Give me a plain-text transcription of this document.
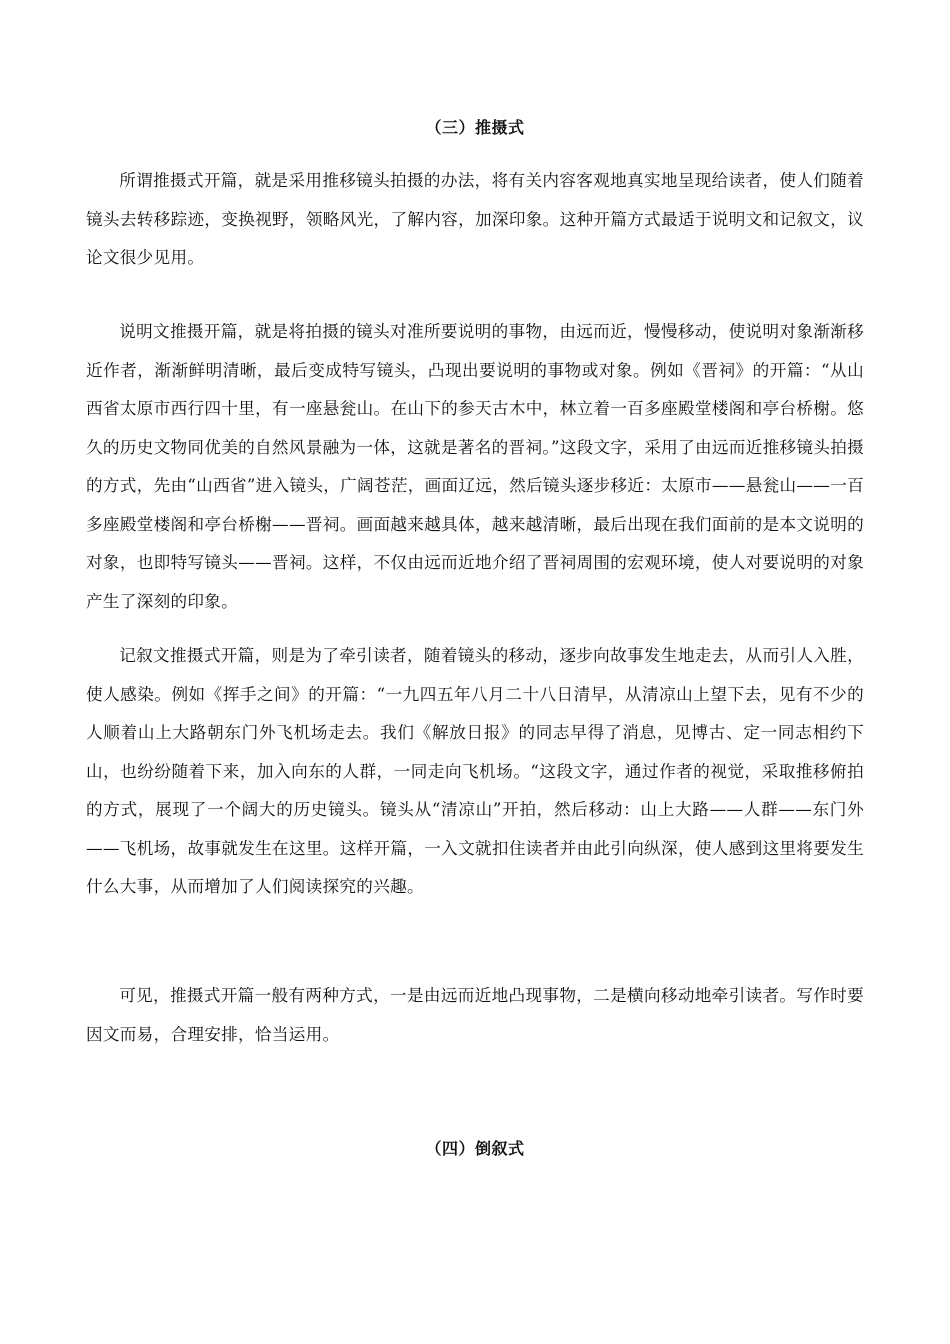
（三）推摄式

所谓推摄式开篇，就是采用推移镜头拍摄的办法，将有关内容客观地真实地呈现给读者，使人们随着镜头去转移踪迹，变换视野，领略风光，了解内容，加深印象。这种开篇方式最适于说明文和记叙文，议论文很少见用。

说明文推摄开篇，就是将拍摄的镜头对准所要说明的事物，由远而近，慢慢移动，使说明对象渐渐移近作者，渐渐鲜明清晰，最后变成特写镜头，凸现出要说明的事物或对象。例如《晋祠》的开篇：“从山西省太原市西行四十里，有一座悬瓮山。在山下的参天古木中，林立着一百多座殿堂楼阁和亭台桥榭。悠久的历史文物同优美的自然风景融为一体，这就是著名的晋祠。”这段文字，采用了由远而近推移镜头拍摄的方式，先由“山西省”进入镜头，广阔苍茫，画面辽远，然后镜头逐步移近：太原市——悬瓮山——一百多座殿堂楼阁和亭台桥榭——晋祠。画面越来越具体，越来越清晰，最后出现在我们面前的是本文说明的对象，也即特写镜头——晋祠。这样，不仅由远而近地介绍了晋祠周围的宏观环境，使人对要说明的对象产生了深刻的印象。

记叙文推摄式开篇，则是为了牵引读者，随着镜头的移动，逐步向故事发生地走去，从而引人入胜，使人感染。例如《挥手之间》的开篇：“一九四五年八月二十八日清早，从清凉山上望下去，见有不少的人顺着山上大路朝东门外飞机场走去。我们《解放日报》的同志早得了消息，见博古、定一同志相约下山，也纷纷随着下来，加入向东的人群，一同走向飞机场。“这段文字，通过作者的视觉，采取推移俯拍的方式，展现了一个阔大的历史镜头。镜头从“清凉山”开拍，然后移动：山上大路——人群——东门外——飞机场，故事就发生在这里。这样开篇，一入文就扣住读者并由此引向纵深，使人感到这里将要发生什么大事，从而增加了人们阅读探究的兴趣。

可见，推摄式开篇一般有两种方式，一是由远而近地凸现事物，二是横向移动地牵引读者。写作时要因文而易，合理安排，恰当运用。

（四）倒叙式
